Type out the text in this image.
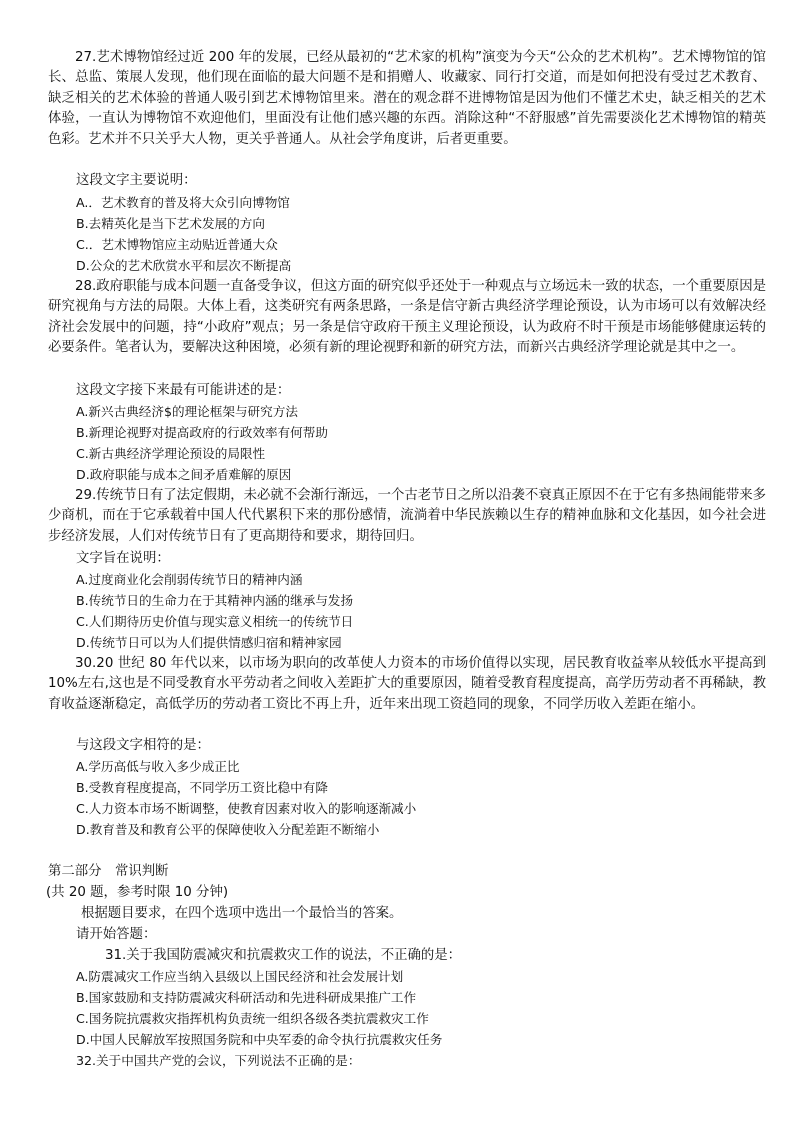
27.艺术博物馆经过近 200 年的发展，已经从最初的“艺术家的机构”演变为今天“公众的艺术机构”。艺术博物馆的馆长、总监、策展人发现，他们现在面临的最大问题不是和捐赠人、收藏家、同行打交道，而是如何把没有受过艺术教育、缺乏相关的艺术体验的普通人吸引到艺术博物馆里来。潜在的观念群不进博物馆是因为他们不懂艺术史，缺乏相关的艺术体验，一直认为博物馆不欢迎他们，里面没有让他们感兴趣的东西。消除这种“不舒服感”首先需要淡化艺术博物馆的精英色彩。艺术并不只关乎大人物，更关乎普通人。从社会学角度讲，后者更重要。

这段文字主要说明：

A.．艺术教育的普及将大众引向博物馆

B.去精英化是当下艺术发展的方向

C.．艺术博物馆应主动贴近普通大众

D.公众的艺术欣赏水平和层次不断提高

28.政府职能与成本问题一直备受争议，但这方面的研究似乎还处于一种观点与立场远未一致的状态，一个重要原因是研究视角与方法的局限。大体上看，这类研究有两条思路，一条是信守新古典经济学理论预设，认为市场可以有效解决经济社会发展中的问题，持“小政府”观点；另一条是信守政府干预主义理论预设，认为政府不时干预是市场能够健康运转的必要条件。笔者认为，要解决这种困境，必须有新的理论视野和新的研究方法，而新兴古典经济学理论就是其中之一。

这段文字接下来最有可能讲述的是：

A.新兴古典经济$的理论框架与研究方法

B.新理论视野对提高政府的行政效率有何帮助

C.新古典经济学理论预设的局限性

D.政府职能与成本之间矛盾难解的原因

29.传统节日有了法定假期，未必就不会渐行渐远，一个古老节日之所以沿袭不衰真正原因不在于它有多热闹能带来多少商机，而在于它承载着中国人代代累积下来的那份感情，流淌着中华民族赖以生存的精神血脉和文化基因，如今社会进步经济发展，人们对传统节日有了更高期待和要求，期待回归。

文字旨在说明：

A.过度商业化会削弱传统节日的精神内涵

B.传统节日的生命力在于其精神内涵的继承与发扬

C.人们期待历史价值与现实意义相统一的传统节日

D.传统节日可以为人们提供情感归宿和精神家园

30.20 世纪 80 年代以来，以市场为职向的改革使人力资本的市场价值得以实现，居民教育收益率从较低水平提高到 10%左右,这也是不同受教育水平劳动者之间收入差距扩大的重要原因，随着受教育程度提高，高学历劳动者不再稀缺，教育收益逐渐稳定，高低学历的劳动者工资比不再上升，近年来出现工资趋同的现象，不同学历收入差距在缩小。

与这段文字相符的是：

A.学历高低与收入多少成正比

B.受教育程度提高，不同学历工资比稳中有降

C.人力资本市场不断调整，使教育因素对收入的影响逐渐减小

D.教育普及和教育公平的保障使收入分配差距不断缩小

第二部分　常识判断

(共 20 题，参考时限 10 分钟)

根据题目要求，在四个选项中选出一个最恰当的答案。

请开始答题：

31.关于我国防震减灾和抗震救灾工作的说法，不正确的是：

A.防震减灾工作应当纳入县级以上国民经济和社会发展计划

B.国家鼓励和支持防震减灾科研活动和先进科研成果推广工作

C.国务院抗震救灾指挥机构负责统一组织各级各类抗震救灾工作

D.中国人民解放军按照国务院和中央军委的命令执行抗震救灾任务

32.关于中国共产党的会议，下列说法不正确的是：
